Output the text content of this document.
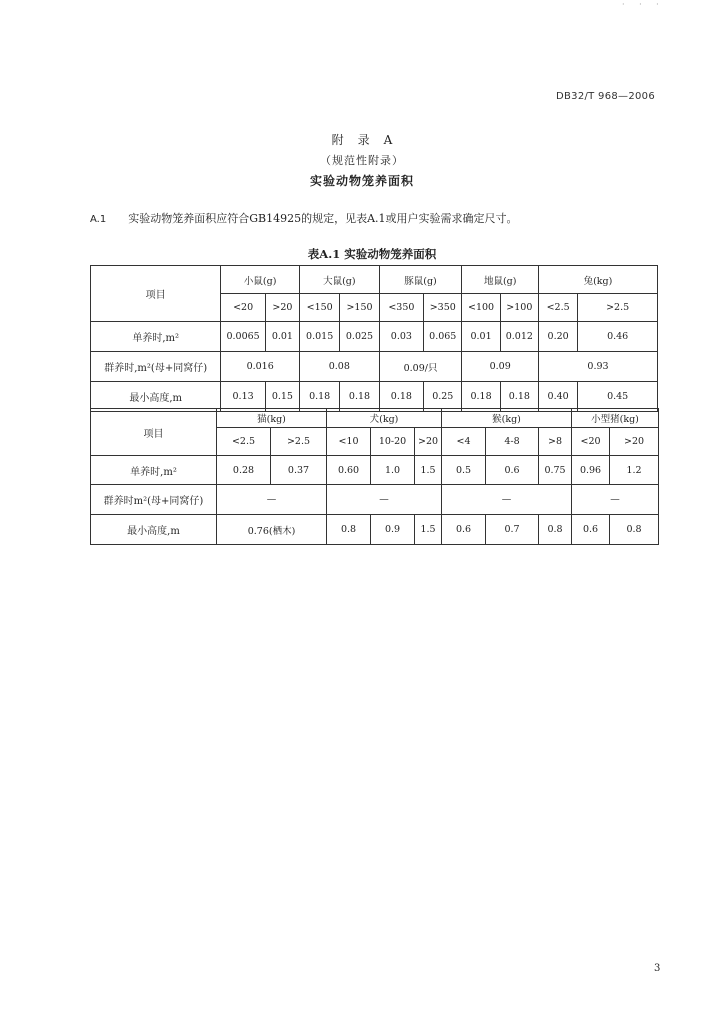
· · ·
DB32/T 968—2006
附录A
（规范性附录）
实验动物笼养面积
A.1 实验动物笼养面积应符合GB14925的规定，见表A.1或用户实验需求确定尺寸。
表A.1 实验动物笼养面积
项目	小鼠(g)		大鼠(g)		豚鼠(g)		地鼠(g)		兔(kg)	
	<20	>20	<150	>150	<350	>350	<100	>100	<2.5	>2.5
单养时,m²	0.0065	0.01	0.015	0.025	0.03	0.065	0.01	0.012	0.20	0.46
群养时,m²(母+同窝仔)	0.016		0.08		0.09/只		0.09		0.93	
最小高度,m	0.13	0.15	0.18	0.18	0.18	0.25	0.18	0.18	0.40	0.45
项目	猫(kg)		犬(kg)			猴(kg)			小型猪(kg)	
	<2.5	>2.5	<10	10-20	>20	<4	4-8	>8	<20	>20
单养时,m²	0.28	0.37	0.60	1.0	1.5	0.5	0.6	0.75	0.96	1.2
群养时m²(母+同窝仔)	—		—			—			—	
最小高度,m	0.76(栖木)		0.8	0.9	1.5	0.6	0.7	0.8	0.6	0.8
3
